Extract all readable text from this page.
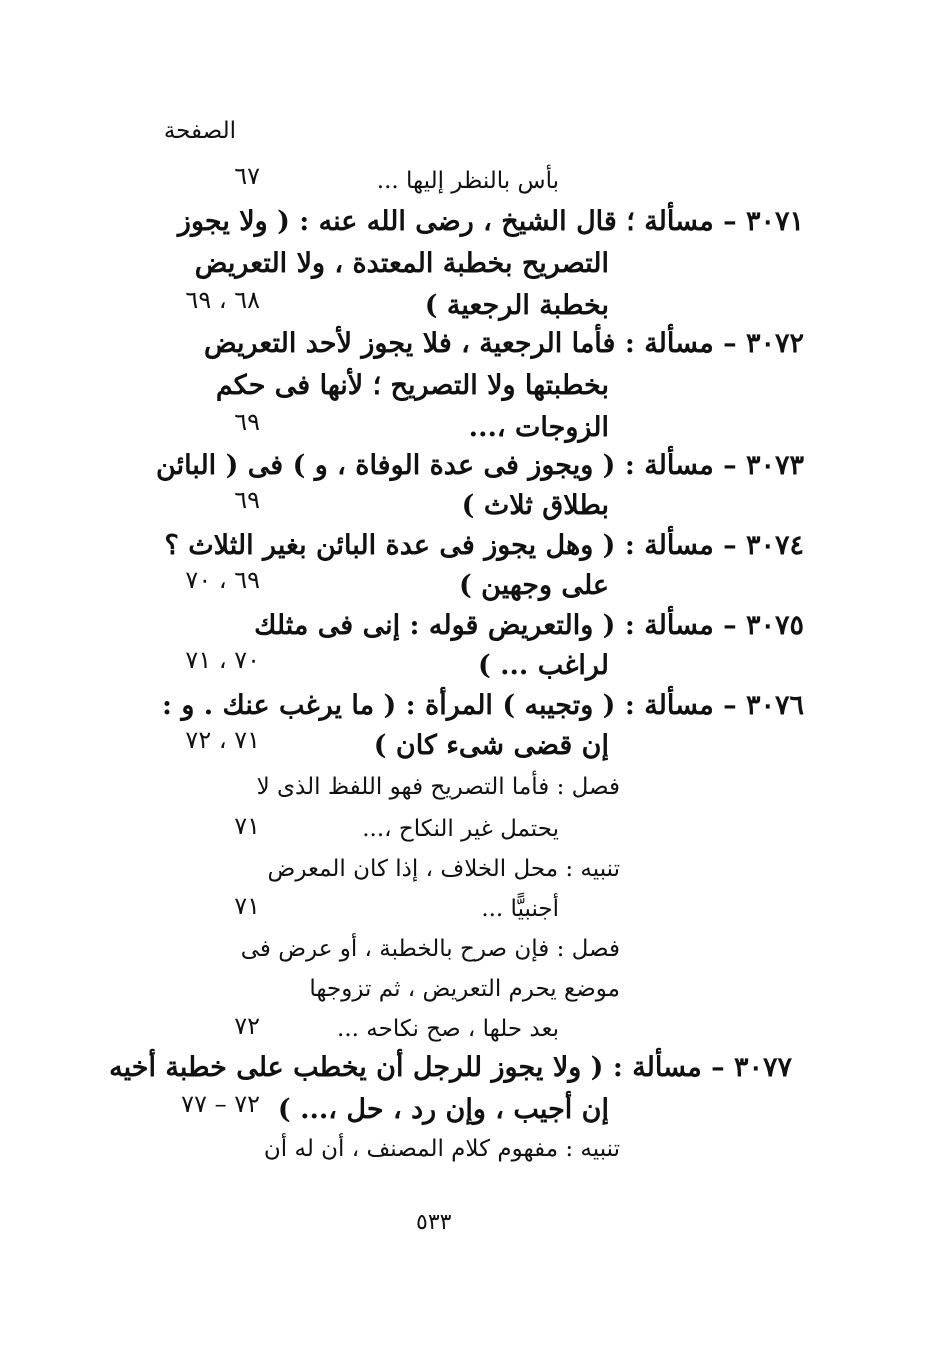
الصفحة
بأس بالنظر إليها ...
٦٧
٣٠٧١ – مسألة ؛ قال الشيخ ، رضى الله عنه : ( ولا يجوز
التصريح بخطبة المعتدة ، ولا التعريض
بخطبة الرجعية )
٦٨ ، ٦٩
٣٠٧٢ – مسألة : فأما الرجعية ، فلا يجوز لأحد التعريض
بخطبتها ولا التصريح ؛ لأنها فى حكم
الزوجات ،...
٦٩
٣٠٧٣ – مسألة : ( ويجوز فى عدة الوفاة ، و ) فى ( البائن
بطلاق ثلاث )
٦٩
٣٠٧٤ – مسألة : ( وهل يجوز فى عدة البائن بغير الثلاث ؟
على وجهين )
٦٩ ، ٧٠
٣٠٧٥ – مسألة : ( والتعريض قوله : إنى فى مثلك
لراغب ... )
٧٠ ، ٧١
٣٠٧٦ – مسألة : ( وتجيبه ) المرأة : ( ما يرغب عنك . و :
إن قضى شىء كان )
٧١ ، ٧٢
فصل : فأما التصريح فهو اللفظ الذى لا
يحتمل غير النكاح ،...
٧١
تنبيه : محل الخلاف ، إذا كان المعرض
أجنبيًّا ...
٧١
فصل : فإن صرح بالخطبة ، أو عرض فى
موضع يحرم التعريض ، ثم تزوجها
بعد حلها ، صح نكاحه ...
٧٢
٣٠٧٧ – مسألة : ( ولا يجوز للرجل أن يخطب على خطبة أخيه
إن أجيب ، وإن رد ، حل ،... )
٧٢ – ٧٧
تنبيه : مفهوم كلام المصنف ، أن له أن
٥٣٣
